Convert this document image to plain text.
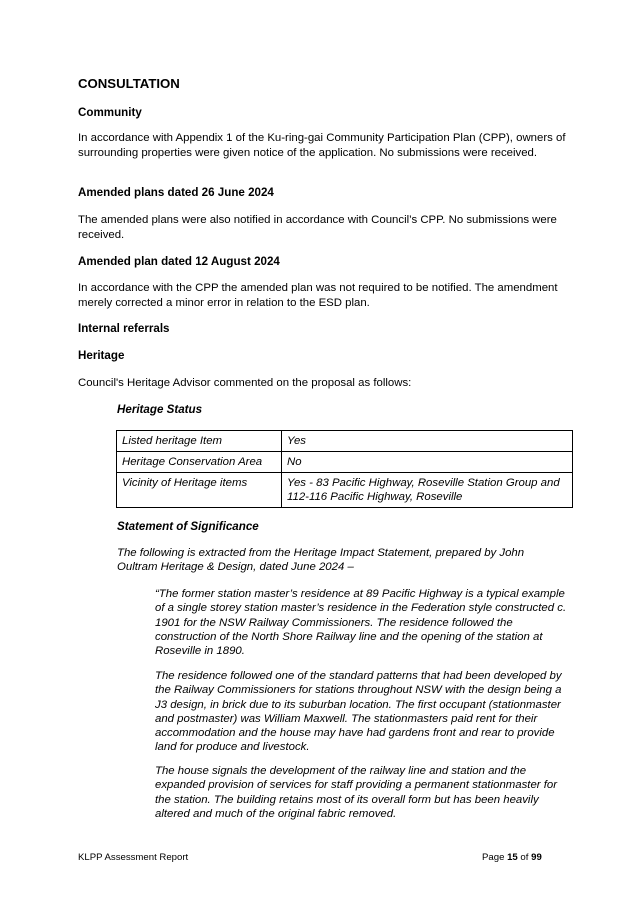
CONSULTATION

Community

In accordance with Appendix 1 of the Ku-ring-gai Community Participation Plan (CPP), owners of surrounding properties were given notice of the application. No submissions were received.

Amended plans dated 26 June 2024

The amended plans were also notified in accordance with Council’s CPP. No submissions were received.

Amended plan dated 12 August 2024

In accordance with the CPP the amended plan was not required to be notified. The amendment merely corrected a minor error in relation to the ESD plan.

Internal referrals

Heritage

Council's Heritage Advisor commented on the proposal as follows:

Heritage Status

Listed heritage Item	Yes
Heritage Conservation Area	No
Vicinity of Heritage items	Yes - 83 Pacific Highway, Roseville Station Group and 112-116 Pacific Highway, Roseville

Statement of Significance

The following is extracted from the Heritage Impact Statement, prepared by John Oultram Heritage & Design, dated June 2024 –

“The former station master’s residence at 89 Pacific Highway is a typical example of a single storey station master’s residence in the Federation style constructed c. 1901 for the NSW Railway Commissioners. The residence followed the construction of the North Shore Railway line and the opening of the station at Roseville in 1890.

The residence followed one of the standard patterns that had been developed by the Railway Commissioners for stations throughout NSW with the design being a J3 design, in brick due to its suburban location. The first occupant (stationmaster and postmaster) was William Maxwell. The stationmasters paid rent for their accommodation and the house may have had gardens front and rear to provide land for produce and livestock.

The house signals the development of the railway line and station and the expanded provision of services for staff providing a permanent stationmaster for the station. The building retains most of its overall form but has been heavily altered and much of the original fabric removed.

KLPP Assessment Report	Page 15 of 99
